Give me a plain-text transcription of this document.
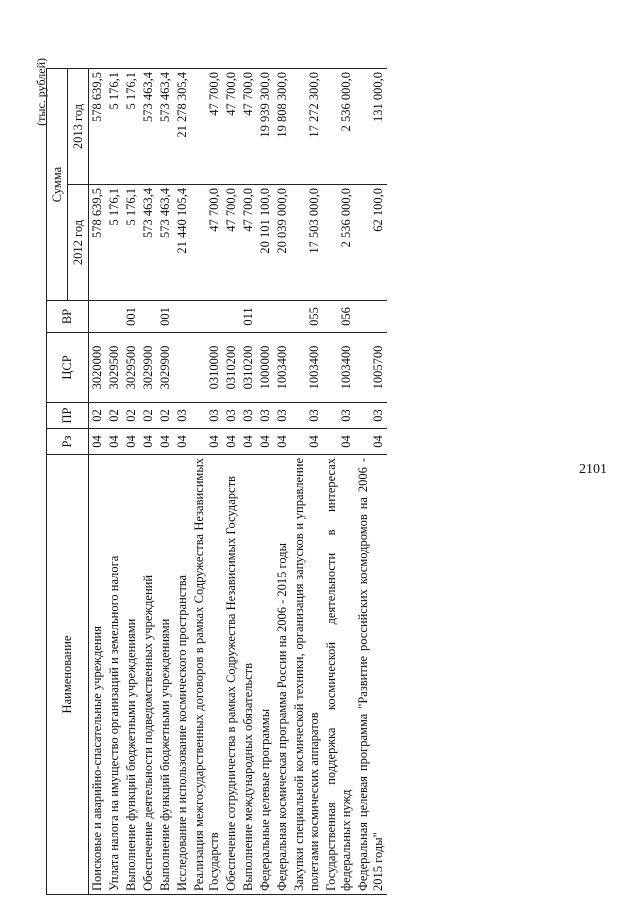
2101
(тыс. рублей)
Наименование	Рз	ПР	ЦСР	ВР	Сумма	
					2012 год	2013 год
Поисковые и аварийно-спасательные учреждения	04	02	3020000		578 639,5	578 639,5
Уплата налога на имущество организаций и земельного налога	04	02	3029500		5 176,1	5 176,1
Выполнение функций бюджетными учреждениями	04	02	3029500	001	5 176,1	5 176,1
Обеспечение деятельности подведомственных учреждений	04	02	3029900		573 463,4	573 463,4
Выполнение функций бюджетными учреждениями	04	02	3029900	001	573 463,4	573 463,4
Исследование и использование космического пространства	04	03			21 440 105,4	21 278 305,4
Реализация межгосударственных договоров в рамках Содружества Независимых Государств	04	03	0310000		47 700,0	47 700,0
Обеспечение сотрудничества в рамках Содружества Независимых Государств	04	03	0310200		47 700,0	47 700,0
Выполнение международных обязательств	04	03	0310200	011	47 700,0	47 700,0
Федеральные целевые программы	04	03	1000000		20 101 100,0	19 939 300,0
Федеральная космическая программа России на 2006 - 2015 годы	04	03	1003400		20 039 000,0	19 808 300,0
Закупки специальной космической техники, организация запусков и управление полетами космических аппаратов	04	03	1003400	055	17 503 000,0	17 272 300,0
Государственная поддержка космической деятельности в интересах федеральных нужд	04	03	1003400	056	2 536 000,0	2 536 000,0
Федеральная целевая программа "Развитие российских космодромов на 2006 - 2015 годы"	04	03	1005700		62 100,0	131 000,0
